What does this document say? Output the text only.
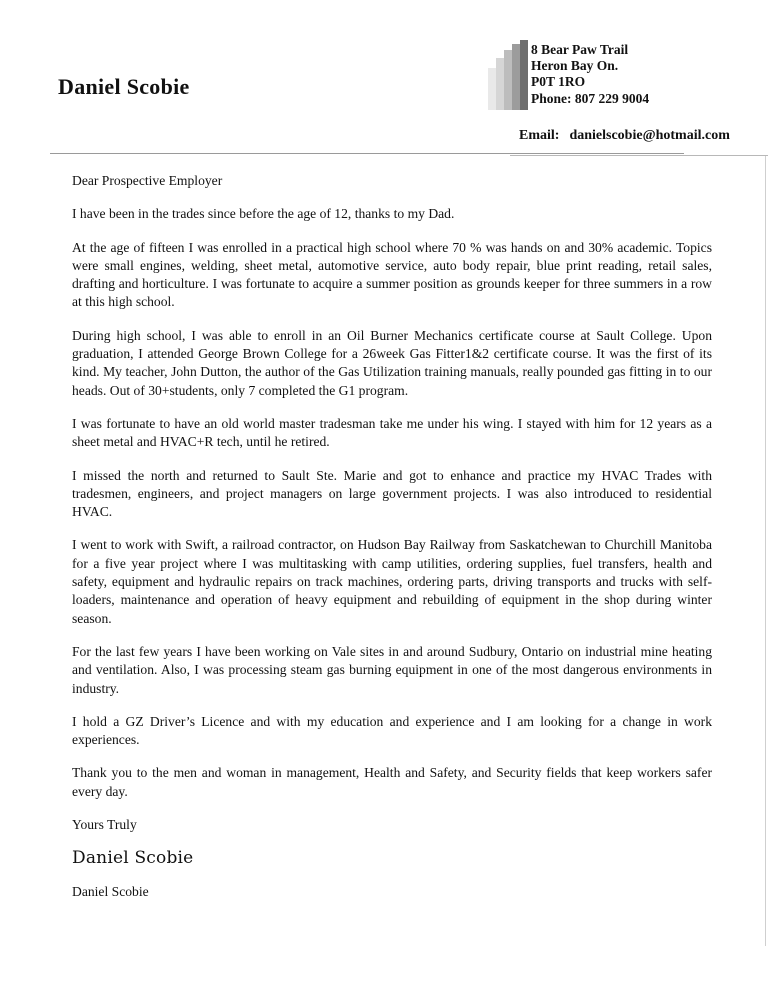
Daniel Scobie
8 Bear Paw Trail
Heron Bay On.
P0T 1RO
Phone: 807 229 9004
Email: danielscobie@hotmail.com

Dear Prospective Employer

I have been in the trades since before the age of 12, thanks to my Dad.

At the age of fifteen I was enrolled in a practical high school where 70 % was hands on and 30% academic. Topics were small engines, welding, sheet metal, automotive service, auto body repair, blue print reading, retail sales, drafting and horticulture. I was fortunate to acquire a summer position as grounds keeper for three summers in a row at this high school.

During high school, I was able to enroll in an Oil Burner Mechanics certificate course at Sault College. Upon graduation, I attended George Brown College for a 26week Gas Fitter1&2 certificate course. It was the first of its kind. My teacher, John Dutton, the author of the Gas Utilization training manuals, really pounded gas fitting in to our heads. Out of 30+students, only 7 completed the G1 program.

I was fortunate to have an old world master tradesman take me under his wing. I stayed with him for 12 years as a sheet metal and HVAC+R tech, until he retired.

I missed the north and returned to Sault Ste. Marie and got to enhance and practice my HVAC Trades with tradesmen, engineers, and project managers on large government projects. I was also introduced to residential HVAC.

I went to work with Swift, a railroad contractor, on Hudson Bay Railway from Saskatchewan to Churchill Manitoba for a five year project where I was multitasking with camp utilities, ordering supplies, fuel transfers, health and safety, equipment and hydraulic repairs on track machines, ordering parts, driving transports and trucks with self-loaders, maintenance and operation of heavy equipment and rebuilding of equipment in the shop during winter season.

For the last few years I have been working on Vale sites in and around Sudbury, Ontario on industrial mine heating and ventilation. Also, I was processing steam gas burning equipment in one of the most dangerous environments in industry.

I hold a GZ Driver’s Licence and with my education and experience and I am looking for a change in work experiences.

Thank you to the men and woman in management, Health and Safety, and Security fields that keep workers safer every day.

Yours Truly

Daniel Scobie

Daniel Scobie
